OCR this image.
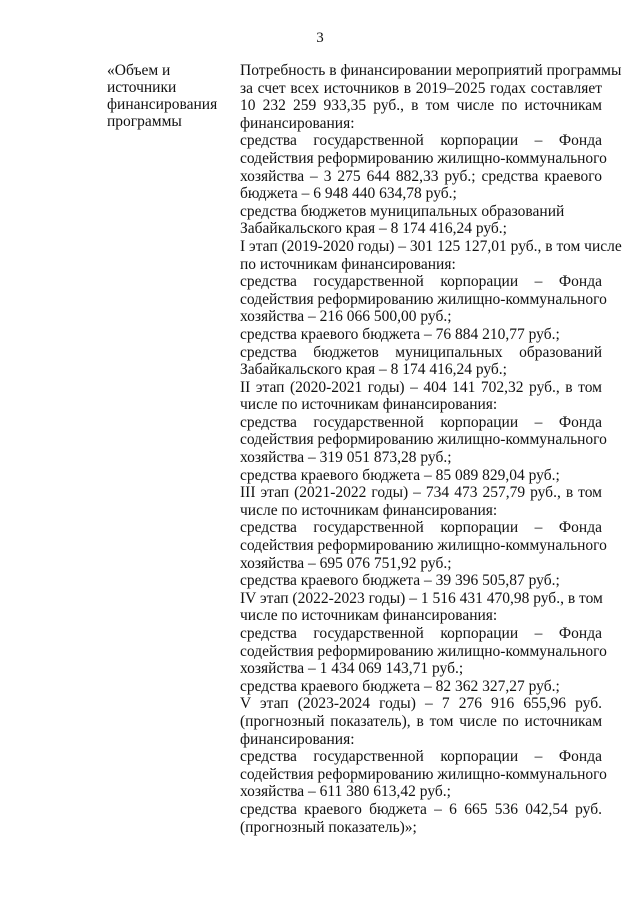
3
«Объем и
источники
финансирования
программы
Потребность в финансировании мероприятий программы
за счет всех источников в 2019–2025 годах составляет
10 232 259 933,35 руб., в том числе по источникам
финансирования:
средства государственной корпорации – Фонда
содействия реформированию жилищно-коммунального
хозяйства – 3 275 644 882,33 руб.; средства краевого
бюджета – 6 948 440 634,78 руб.;
средства бюджетов муниципальных образований
Забайкальского края – 8 174 416,24 руб.;
I этап (2019-2020 годы) – 301 125 127,01 руб., в том числе
по источникам финансирования:
средства государственной корпорации – Фонда
содействия реформированию жилищно-коммунального
хозяйства – 216 066 500,00 руб.;
средства краевого бюджета – 76 884 210,77 руб.;
средства бюджетов муниципальных образований
Забайкальского края – 8 174 416,24 руб.;
II этап (2020-2021 годы) – 404 141 702,32 руб., в том
числе по источникам финансирования:
средства государственной корпорации – Фонда
содействия реформированию жилищно-коммунального
хозяйства – 319 051 873,28 руб.;
средства краевого бюджета – 85 089 829,04 руб.;
III этап (2021-2022 годы) – 734 473 257,79 руб., в том
числе по источникам финансирования:
средства государственной корпорации – Фонда
содействия реформированию жилищно-коммунального
хозяйства – 695 076 751,92 руб.;
средства краевого бюджета – 39 396 505,87 руб.;
IV этап (2022-2023 годы) – 1 516 431 470,98 руб., в том
числе по источникам финансирования:
средства государственной корпорации – Фонда
содействия реформированию жилищно-коммунального
хозяйства – 1 434 069 143,71 руб.;
средства краевого бюджета – 82 362 327,27 руб.;
V этап (2023-2024 годы) – 7 276 916 655,96 руб.
(прогнозный показатель), в том числе по источникам
финансирования:
средства государственной корпорации – Фонда
содействия реформированию жилищно-коммунального
хозяйства – 611 380 613,42 руб.;
средства краевого бюджета – 6 665 536 042,54 руб.
(прогнозный показатель)»;
